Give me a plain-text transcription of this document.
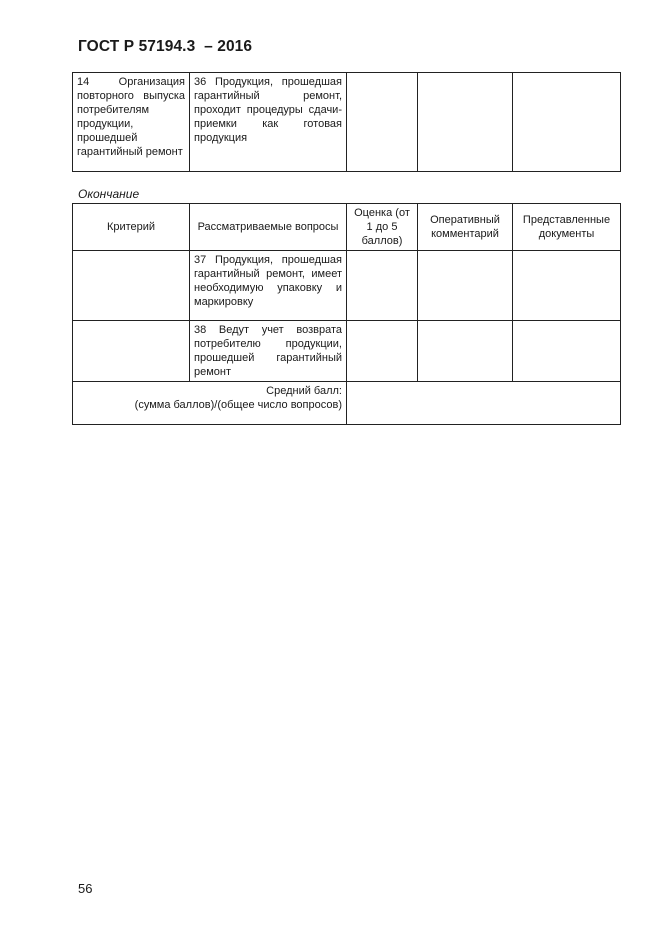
ГОСТ Р 57194.3  – 2016
14 Организация повторного выпуска потребителям продукции, прошедшей гарантийный ремонт	36 Продукция, прошедшая гарантийный ремонт, проходит процедуры сдачи-приемки как готовая продукция			
Окончание
Критерий	Рассматриваемые вопросы	Оценка (от 1 до 5 баллов)	Оперативный комментарий	Представленные документы
	37 Продукция, прошедшая гарантийный ремонт, имеет необходимую упаковку и маркировку			
	38 Ведут учет возврата потребителю продукции, прошедшей гарантийный ремонт			

Средний балл:
(сумма баллов)/(общее число вопросов)				

56
